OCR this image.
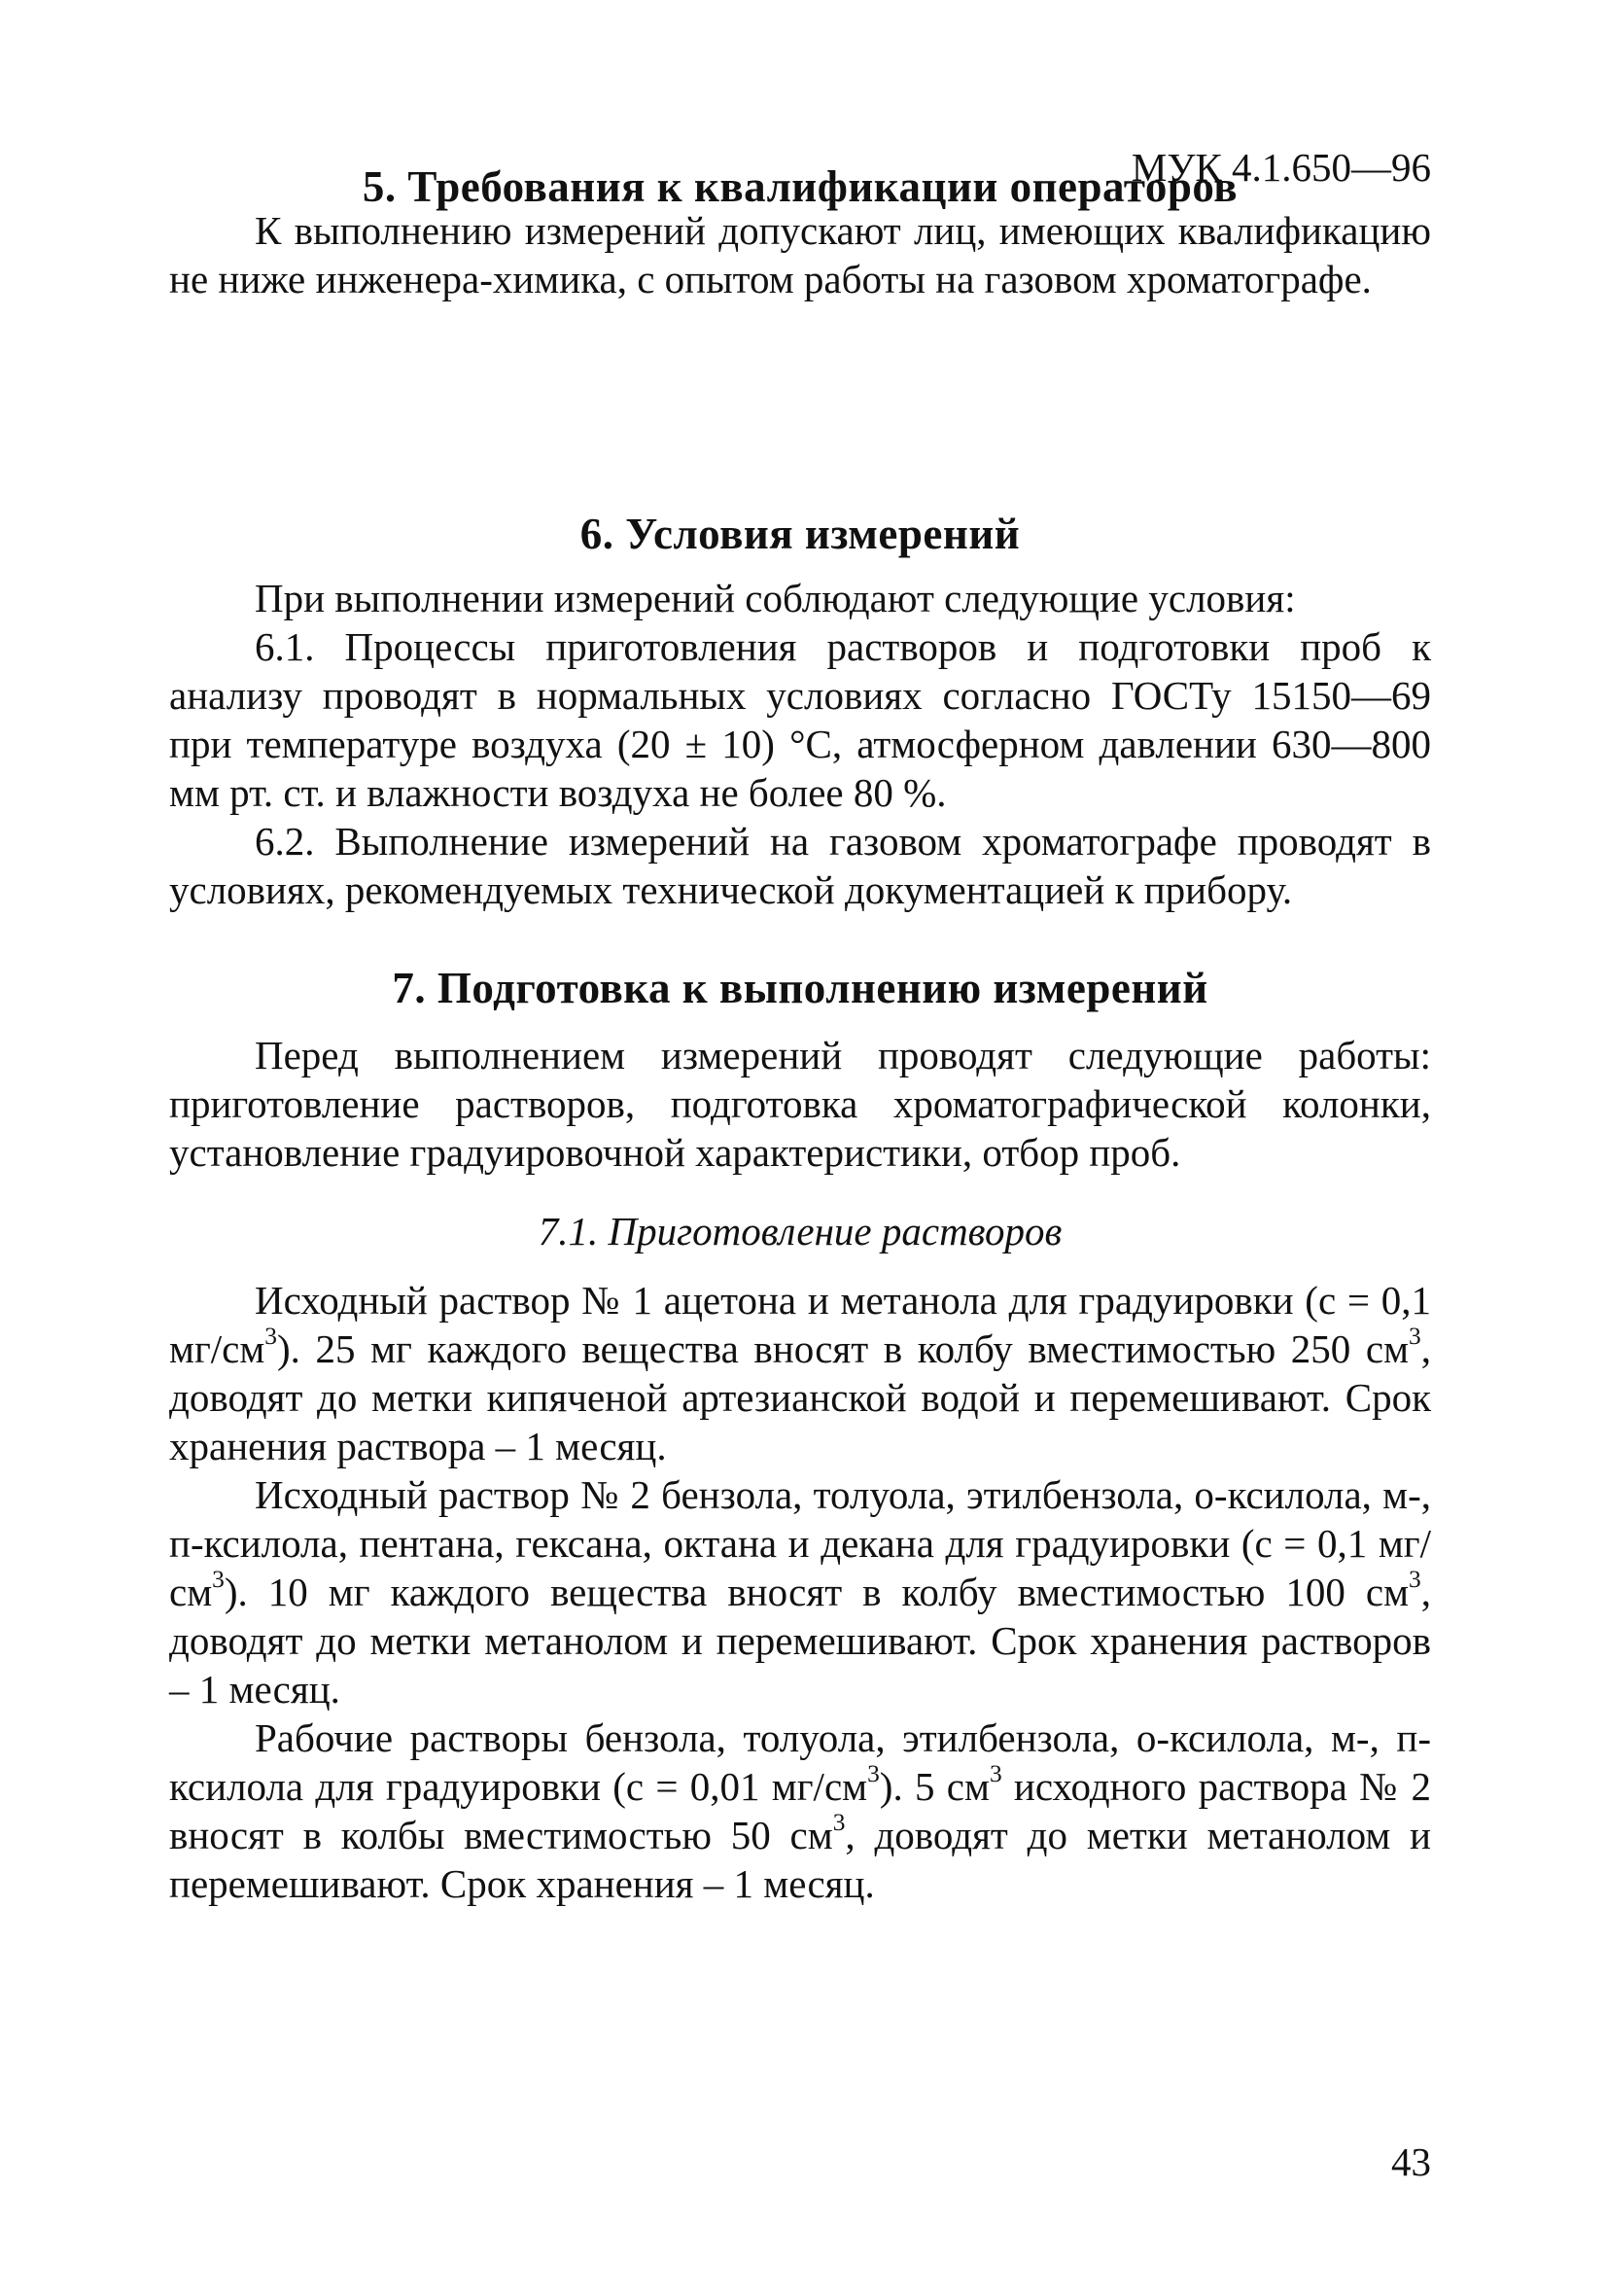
МУК 4.1.650—96
5. Требования к квалификации операторов

К выполнению измерений допускают лиц, имеющих квалификацию не ниже инженера-химика, с опытом работы на газовом хроматографе.

6. Условия измерений

При выполнении измерений соблюдают следующие условия:

6.1. Процессы приготовления растворов и подготовки проб к анализу проводят в нормальных условиях согласно ГОСТу 15150—69 при температуре воздуха (20 ± 10) °С, атмосферном давлении 630—800 мм рт. ст. и влажности воздуха не более 80 %.

6.2. Выполнение измерений на газовом хроматографе проводят в условиях, рекомендуемых технической документацией к прибору.

7. Подготовка к выполнению измерений

Перед выполнением измерений проводят следующие работы: приготовление растворов, подготовка хроматографической колонки, установление градуировочной характеристики, отбор проб.

7.1. Приготовление растворов

Исходный раствор № 1 ацетона и метанола для градуировки (с = 0,1 $мг/см^3$). 25 мг каждого вещества вносят в колбу вместимостью 250 $см^3$, доводят до метки кипяченой артезианской водой и перемешивают. Срок хранения раствора – 1 месяц.

Исходный раствор № 2 бензола, толуола, этилбензола, о-ксилола, м-, п-ксилола, пентана, гексана, октана и декана для градуировки (с = 0,1 $мг/см^3$). 10 мг каждого вещества вносят в колбу вместимостью 100 $см^3$, доводят до метки метанолом и перемешивают. Срок хранения растворов – 1 месяц.

Рабочие растворы бензола, толуола, этилбензола, о-ксилола, м-, п-ксилола для градуировки (с = 0,01 $мг/см^3$). 5 $см^3$ исходного раствора № 2 вносят в колбы вместимостью 50 $см^3$, доводят до метки метанолом и перемешивают. Срок хранения – 1 месяц.

43
